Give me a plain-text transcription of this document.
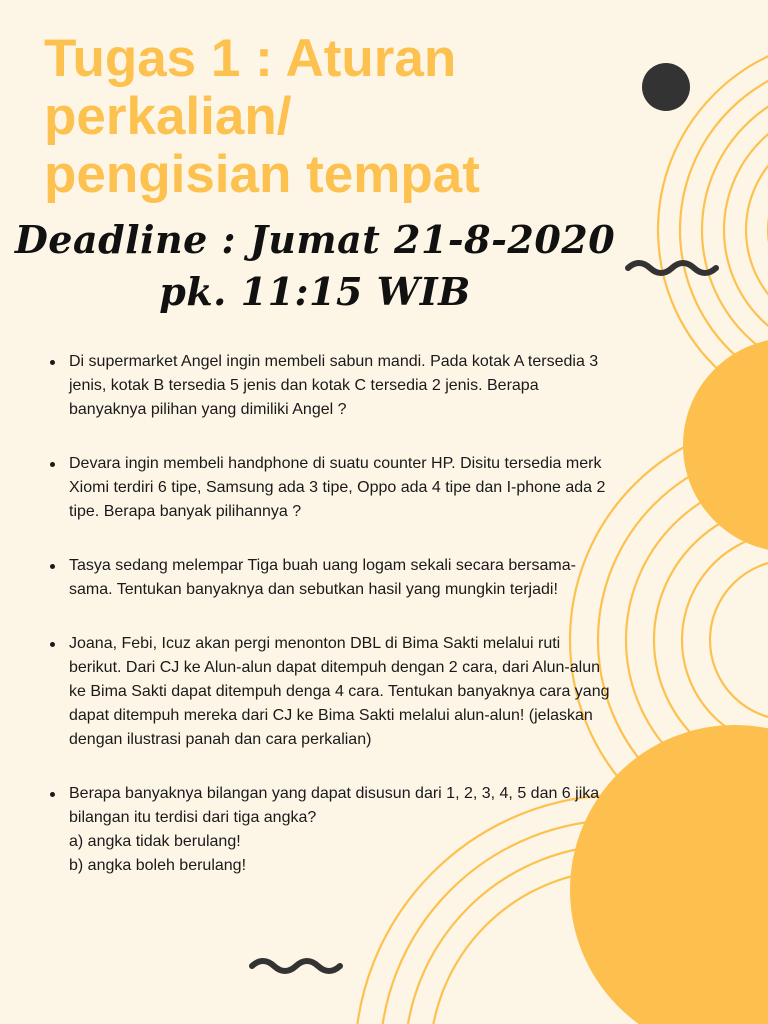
Tugas 1 : Aturan
perkalian/
pengisian tempat
Deadline : Jumat 21-8-2020
pk. 11:15 WIB

Di supermarket Angel ingin membeli sabun mandi. Pada kotak A tersedia 3 jenis, kotak B tersedia 5 jenis dan kotak C tersedia 2 jenis. Berapa banyaknya pilihan yang dimiliki Angel ?

Devara ingin membeli handphone di suatu counter HP. Disitu tersedia merk Xiomi terdiri 6 tipe, Samsung ada 3 tipe, Oppo ada 4 tipe dan I-phone ada 2 tipe. Berapa banyak pilihannya ?

Tasya sedang melempar Tiga buah uang logam sekali secara bersama-sama. Tentukan banyaknya dan sebutkan hasil yang mungkin terjadi!

Joana, Febi, Icuz akan pergi menonton DBL di Bima Sakti melalui ruti berikut. Dari CJ ke Alun-alun dapat ditempuh dengan 2 cara, dari Alun-alun ke Bima Sakti dapat ditempuh denga 4 cara. Tentukan banyaknya cara yang dapat ditempuh mereka dari CJ ke Bima Sakti melalui alun-alun! (jelaskan dengan ilustrasi panah dan cara perkalian)

Berapa banyaknya bilangan yang dapat disusun dari 1, 2, 3, 4, 5 dan 6 jika bilangan itu terdisi dari tiga angka?
a) angka tidak berulang!
b) angka boleh berulang!
